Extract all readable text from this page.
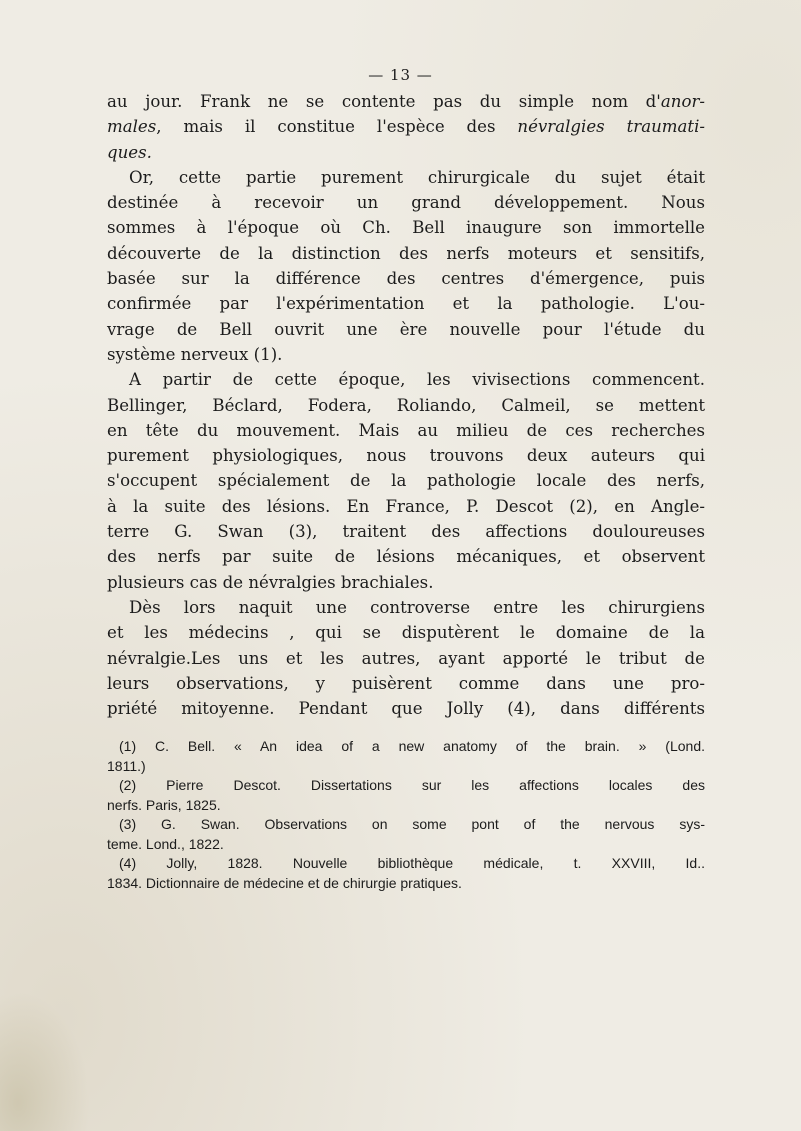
— 13 —
au jour. Frank ne se contente pas du simple nom d'anor-
males, mais il constitue l'espèce des névralgies traumati-
ques.
Or, cette partie purement chirurgicale du sujet était
destinée à recevoir un grand développement. Nous
sommes à l'époque où Ch. Bell inaugure son immortelle
découverte de la distinction des nerfs moteurs et sensitifs,
basée sur la différence des centres d'émergence, puis
confirmée par l'expérimentation et la pathologie. L'ou-
vrage de Bell ouvrit une ère nouvelle pour l'étude du
système nerveux (1).
A partir de cette époque, les vivisections commencent.
Bellinger, Béclard, Fodera, Roliando, Calmeil, se mettent
en tête du mouvement. Mais au milieu de ces recherches
purement physiologiques, nous trouvons deux auteurs qui
s'occupent spécialement de la pathologie locale des nerfs,
à la suite des lésions. En France, P. Descot (2), en Angle-
terre G. Swan (3), traitent des affections douloureuses
des nerfs par suite de lésions mécaniques, et observent
plusieurs cas de névralgies brachiales.
Dès lors naquit une controverse entre les chirurgiens
et les médecins , qui se disputèrent le domaine de la
névralgie.Les uns et les autres, ayant apporté le tribut de
leurs observations, y puisèrent comme dans une pro-
priété mitoyenne. Pendant que Jolly (4), dans différents
(1) C. Bell. « An idea of a new anatomy of the brain. » (Lond.
1811.)
(2) Pierre Descot. Dissertations sur les affections locales des
nerfs. Paris, 1825.
(3) G. Swan. Observations on some pont of the nervous sys-
teme. Lond., 1822.
(4) Jolly, 1828. Nouvelle bibliothèque médicale, t. XXVIII, Id..
1834. Dictionnaire de médecine et de chirurgie pratiques.
